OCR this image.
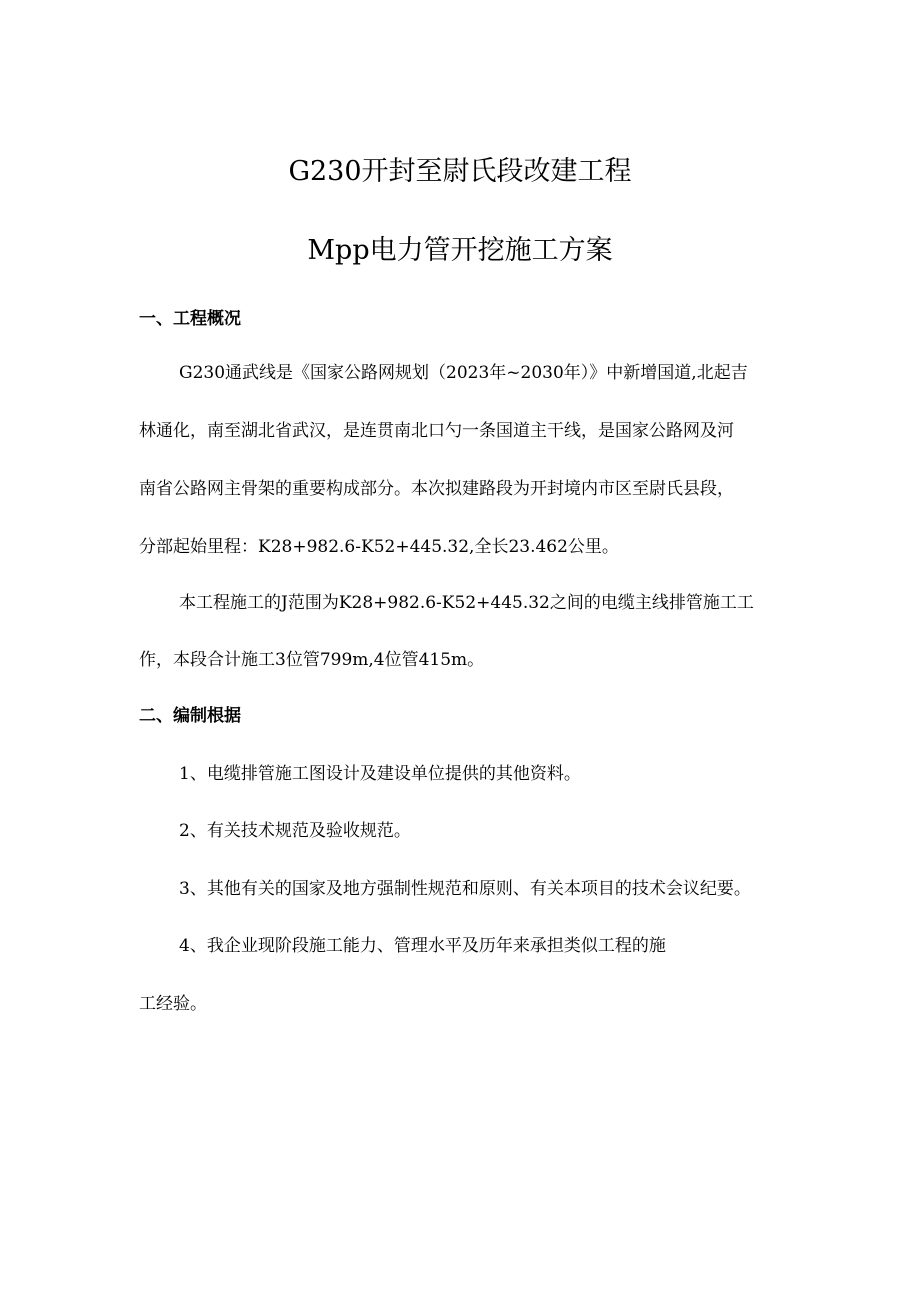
G230开封至尉氏段改建工程
Mpp电力管开挖施工方案
一、工程概况
G230通武线是《国家公路网规划（2023年~2030年）》中新增国道,北起吉
林通化，南至湖北省武汉，是连贯南北口勺一条国道主干线，是国家公路网及河
南省公路网主骨架的重要构成部分。本次拟建路段为开封境内市区至尉氏县段，
分部起始里程：K28+982.6-K52+445.32,全长23.462公里。
本工程施工的J范围为K28+982.6-K52+445.32之间的电缆主线排管施工工
作，本段合计施工3位管799m,4位管415m。
二、编制根据
1、电缆排管施工图设计及建设单位提供的其他资料。
2、有关技术规范及验收规范。
3、其他有关的国家及地方强制性规范和原则、有关本项目的技术会议纪要。
4、我企业现阶段施工能力、管理水平及历年来承担类似工程的施
工经验。
